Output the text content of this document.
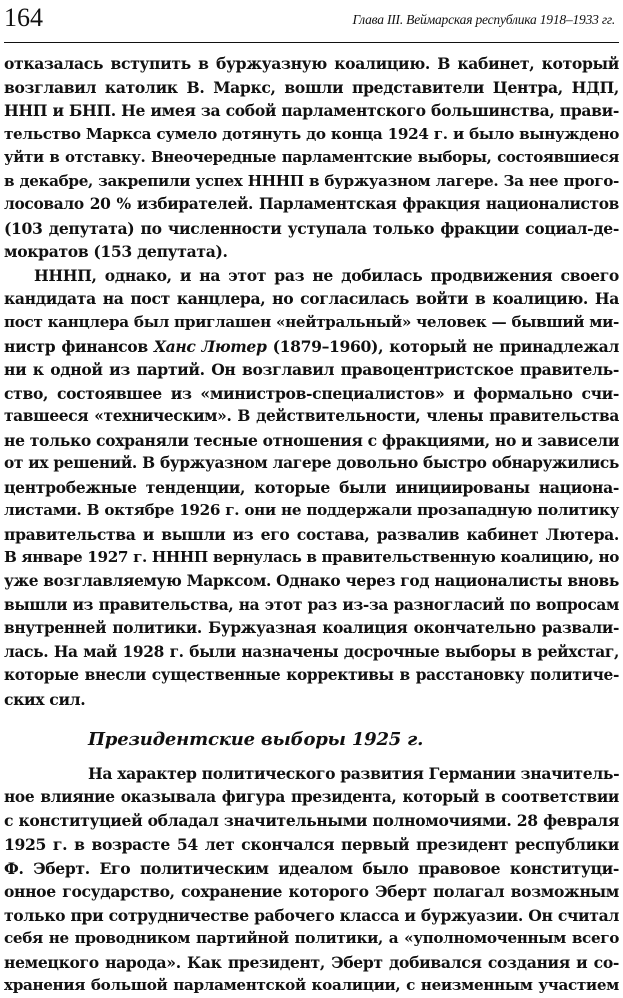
164	Глава III. Веймарская республика 1918–1933 гг.
отказалась вступить в буржуазную коалицию. В кабинет, который
возглавил католик В. Маркс, вошли представители Центра, НДП,
ННП и БНП. Не имея за собой парламентского большинства, прави-
тельство Маркса сумело дотянуть до конца 1924 г. и было вынуждено
уйти в отставку. Внеочередные парламентские выборы, состоявшиеся
в декабре, закрепили успех НННП в буржуазном лагере. За нее прого-
лосовало 20 % избирателей. Парламентская фракция националистов
(103 депутата) по численности уступала только фракции социал-де-
мократов (153 депутата).
НННП, однако, и на этот раз не добилась продвижения своего
кандидата на пост канцлера, но согласилась войти в коалицию. На
пост канцлера был приглашен «нейтральный» человек — бывший ми-
нистр финансов Ханс Лютер (1879–1960), который не принадлежал
ни к одной из партий. Он возглавил правоцентристское правитель-
ство, состоявшее из «министров-специалистов» и формально счи-
тавшееся «техническим». В действительности, члены правительства
не только сохраняли тесные отношения с фракциями, но и зависели
от их решений. В буржуазном лагере довольно быстро обнаружились
центробежные тенденции, которые были инициированы национа-
листами. В октябре 1926 г. они не поддержали прозападную политику
правительства и вышли из его состава, развалив кабинет Лютера.
В январе 1927 г. НННП вернулась в правительственную коалицию, но
уже возглавляемую Марксом. Однако через год националисты вновь
вышли из правительства, на этот раз из-за разногласий по вопросам
внутренней политики. Буржуазная коалиция окончательно развали-
лась. На май 1928 г. были назначены досрочные выборы в рейхстаг,
которые внесли существенные коррективы в расстановку политиче-
ских сил.
Президентские выборы 1925 г.
На характер политического развития Германии значитель-
ное влияние оказывала фигура президента, который в соответствии
с конституцией обладал значительными полномочиями. 28 февраля
1925 г. в возрасте 54 лет скончался первый президент республики
Ф. Эберт. Его политическим идеалом было правовое конституци-
онное государство, сохранение которого Эберт полагал возможным
только при сотрудничестве рабочего класса и буржуазии. Он считал
себя не проводником партийной политики, а «уполномоченным всего
немецкого народа». Как президент, Эберт добивался создания и со-
хранения большой парламентской коалиции, с неизменным участием
